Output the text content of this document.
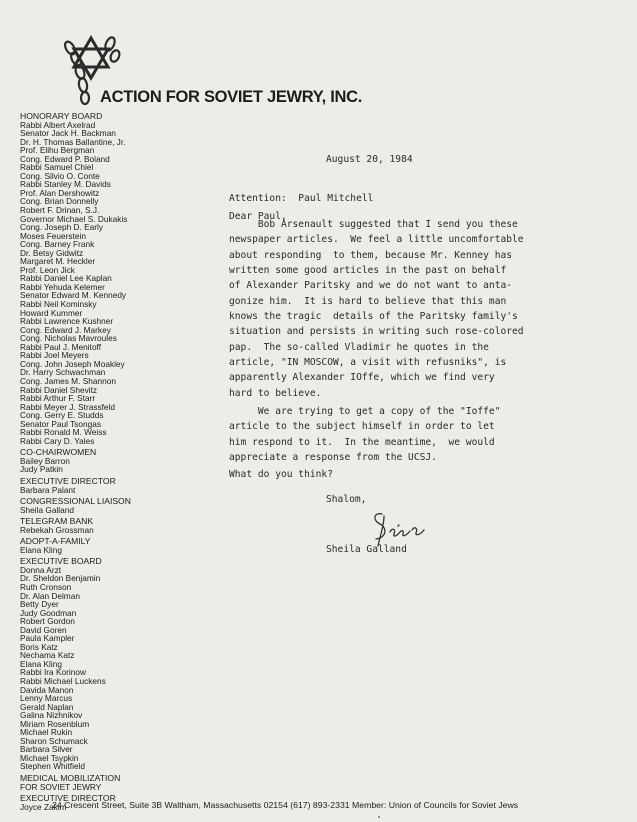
ACTION FOR SOVIET JEWRY, INC.
HONORARY BOARD
Rabbi Albert Axelrad
Senator Jack H. Backman
Dr. H. Thomas Ballantine, Jr.
Prof. Elihu Bergman
Cong. Edward P. Boland
Rabbi Samuel Chiel
Cong. Silvio O. Conte
Rabbi Stanley M. Davids
Prof. Alan Dershowitz
Cong. Brian Donnelly
Robert F. Drinan, S.J.
Governor Michael S. Dukakis
Cong. Joseph D. Early
Moses Feuerstein
Cong. Barney Frank
Dr. Betsy Gidwitz
Margaret M. Heckler
Prof. Leon Jick
Rabbi Daniel Lee Kaplan
Rabbi Yehuda Kelemer
Senator Edward M. Kennedy
Rabbi Neil Kominsky
Howard Kummer
Rabbi Lawrence Kushner
Cong. Edward J. Markey
Cong. Nicholas Mavroules
Rabbi Paul J. Menitoff
Rabbi Joel Meyers
Cong. John Joseph Moakley
Dr. Harry Schwachman
Cong. James M. Shannon
Rabbi Daniel Shevitz
Rabbi Arthur F. Starr
Rabbi Meyer J. Strassfeld
Cong. Gerry E. Studds
Senator Paul Tsongas
Rabbi Ronald M. Weiss
Rabbi Cary D. Yales
CO-CHAIRWOMEN
Bailey Barron
Judy Patkin
EXECUTIVE DIRECTOR
Barbara Palant
CONGRESSIONAL LIAISON
Sheila Galland
TELEGRAM BANK
Rebekah Grossman
ADOPT-A-FAMILY
Elana Kling
EXECUTIVE BOARD
Donna Arzt
Dr. Sheldon Benjamin
Ruth Cronson
Dr. Alan Delman
Betty Dyer
Judy Goodman
Robert Gordon
David Goren
Paula Kampler
Boris Katz
Nechama Katz
Elana Kling
Rabbi Ira Korinow
Rabbi Michael Luckens
Davida Manon
Lenny Marcus
Gerald Naplan
Galina Nizhnikov
Miriam Rosenblum
Michael Rukin
Sharon Schumack
Barbara Silver
Michael Tsypkin
Stephen Whitfield
MEDICAL MOBILIZATION
FOR SOVIET JEWRY
EXECUTIVE DIRECTOR
Joyce Zakim
August 20, 1984
Attention:  Paul Mitchell
Dear Paul,
Bob Arsenault suggested that I send you these
newspaper articles.  We feel a little uncomfortable
about responding  to them, because Mr. Kenney has
written some good articles in the past on behalf
of Alexander Paritsky and we do not want to anta-
gonize him.  It is hard to believe that this man
knows the tragic  details of the Paritsky family's
situation and persists in writing such rose-colored
pap.  The so-called Vladimir he quotes in the
article, "IN MOSCOW, a visit with refusniks", is
apparently Alexander IOffe, which we find very
hard to believe.
We are trying to get a copy of the "Ioffe"
article to the subject himself in order to let
him respond to it.  In the meantime,  we would
appreciate a response from the UCSJ.
What do you think?
Shalom,
Sheila Galland
24 Crescent Street, Suite 3B Waltham, Massachusetts 02154 (617) 893-2331 Member: Union of Councils for Soviet Jews
